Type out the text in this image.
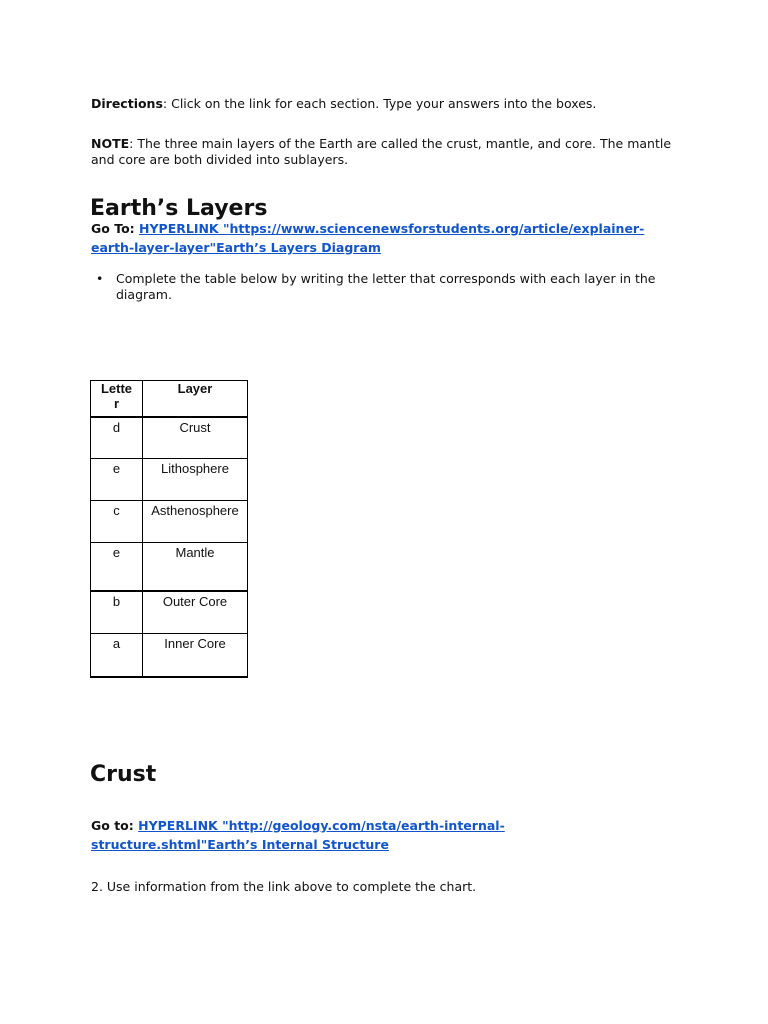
Directions: Click on the link for each section. Type your answers into the boxes.
NOTE: The three main layers of the Earth are called the crust, mantle, and core. The mantle
and core are both divided into sublayers.
Earth’s Layers
Go To: HYPERLINK "https://www.sciencenewsforstudents.org/article/explainer-
earth-layer-layer"Earth’s Layers Diagram
•	Complete the table below by writing the letter that corresponds with each layer in the
diagram.
Lette
r	Layer
d	Crust
e	Lithosphere
c	Asthenosphere
e	Mantle
b	Outer Core
a	Inner Core
Crust
Go to: HYPERLINK "http://geology.com/nsta/earth-internal-
structure.shtml"Earth’s Internal Structure
2. Use information from the link above to complete the chart.
